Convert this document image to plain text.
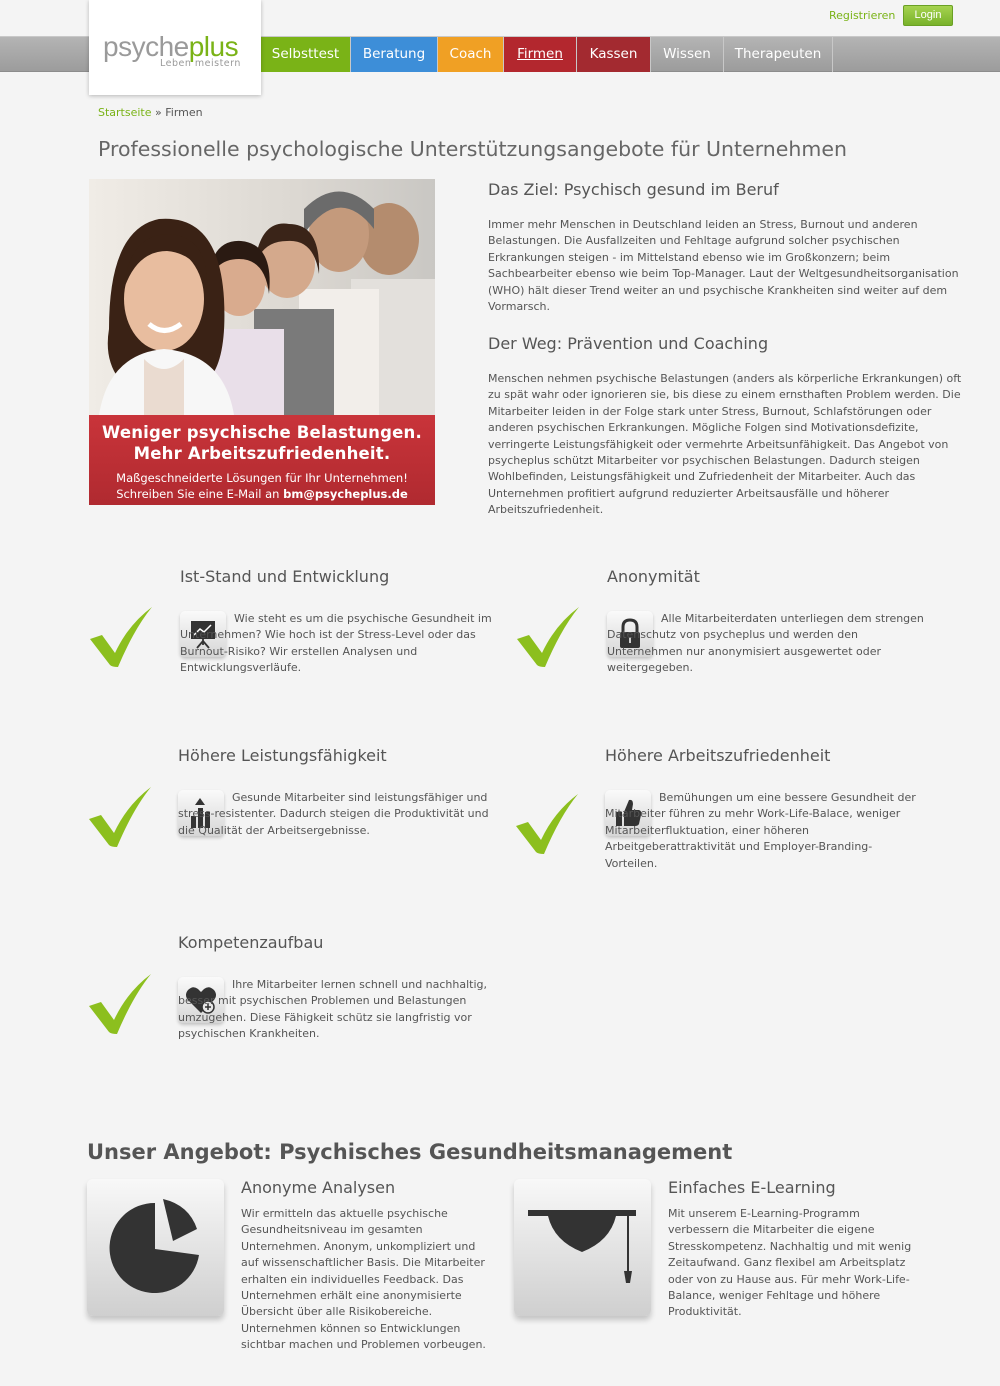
Registrieren	Login
Selbsttest	Beratung	Coach	Firmen	Kassen	Wissen	Therapeuten
psycheplus
Leben meistern
Startseite » Firmen
Professionelle psychologische Unterstützungsangebote für Unternehmen
Weniger psychische Belastungen.
Mehr Arbeitszufriedenheit.
Maßgeschneiderte Lösungen für Ihr Unternehmen!
Schreiben Sie eine E-Mail an bm@psycheplus.de
Das Ziel: Psychisch gesund im Beruf

Immer mehr Menschen in Deutschland leiden an Stress, Burnout und anderen Belastungen. Die Ausfallzeiten und Fehltage aufgrund solcher psychischen Erkrankungen steigen - im Mittelstand ebenso wie im Großkonzern; beim Sachbearbeiter ebenso wie beim Top-Manager. Laut der Weltgesundheitsorganisation (WHO) hält dieser Trend weiter an und psychische Krankheiten sind weiter auf dem Vormarsch.

Der Weg: Prävention und Coaching

Menschen nehmen psychische Belastungen (anders als körperliche Erkrankungen) oft zu spät wahr oder ignorieren sie, bis diese zu einem ernsthaften Problem werden. Die Mitarbeiter leiden in der Folge stark unter Stress, Burnout, Schlafstörungen oder anderen psychischen Erkrankungen. Mögliche Folgen sind Motivationsdefizite, verringerte Leistungsfähigkeit oder vermehrte Arbeitsunfähigkeit. Das Angebot von psycheplus schützt Mitarbeiter vor psychischen Belastungen. Dadurch steigen Wohlbefinden, Leistungsfähigkeit und Zufriedenheit der Mitarbeiter. Auch das Unternehmen profitiert aufgrund reduzierter Arbeitsausfälle und höherer Arbeitszufriedenheit.

Ist-Stand und Entwicklung

Wie steht es um die psychische Gesundheit im Unternehmen? Wie hoch ist der Stress-Level oder das Burnout-Risiko? Wir erstellen Analysen und Entwicklungsverläufe.

Anonymität

Alle Mitarbeiterdaten unterliegen dem strengen Datenschutz von psycheplus und werden den Unternehmen nur anonymisiert ausgewertet oder weitergegeben.

Höhere Leistungsfähigkeit

Gesunde Mitarbeiter sind leistungsfähiger und stress-resistenter. Dadurch steigen die Produktivität und die Qualität der Arbeitsergebnisse.

Höhere Arbeitszufriedenheit

Bemühungen um eine bessere Gesundheit der Mitarbeiter führen zu mehr Work-Life-Balace, weniger Mitarbeiterfluktuation, einer höheren Arbeitgeberattraktivität und Employer-Branding-Vorteilen.

Kompetenzaufbau

Ihre Mitarbeiter lernen schnell und nachhaltig, besser mit psychischen Problemen und Belastungen umzugehen. Diese Fähigkeit schütz sie langfristig vor psychischen Krankheiten.

Unser Angebot: Psychisches Gesundheitsmanagement
Anonyme Analysen

Wir ermitteln das aktuelle psychische Gesundheitsniveau im gesamten Unternehmen. Anonym, unkompliziert und auf wissenschaftlicher Basis. Die Mitarbeiter erhalten ein individuelles Feedback. Das Unternehmen erhält eine anonymisierte Übersicht über alle Risikobereiche. Unternehmen können so Entwicklungen sichtbar machen und Problemen vorbeugen.

Einfaches E-Learning

Mit unserem E-Learning-Programm verbessern die Mitarbeiter die eigene Stresskompetenz. Nachhaltig und mit wenig Zeitaufwand. Ganz flexibel am Arbeitsplatz oder von zu Hause aus. Für mehr Work-Life-Balance, weniger Fehltage und höhere Produktivität.
